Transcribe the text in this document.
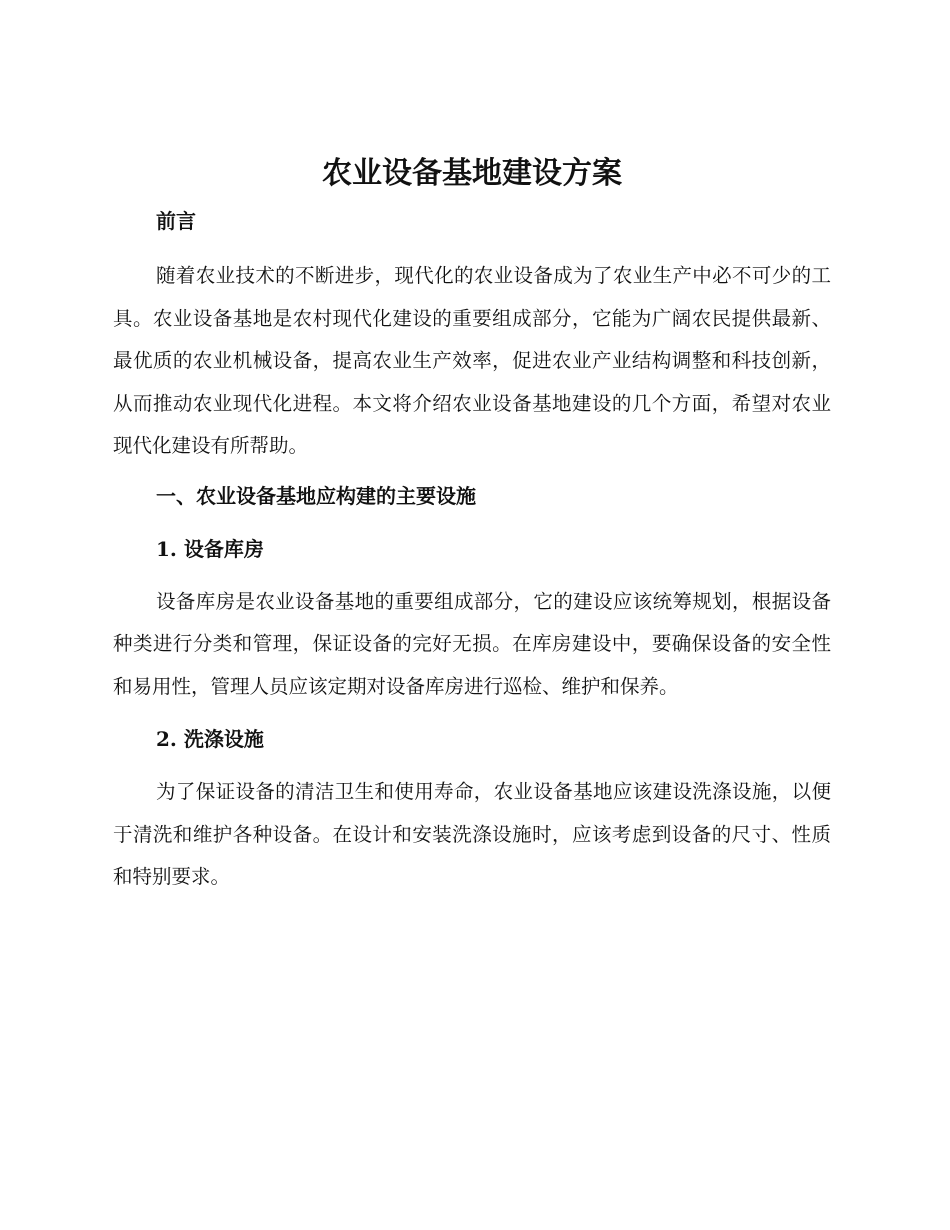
农业设备基地建设方案
前言

随着农业技术的不断进步，现代化的农业设备成为了农业生产中必不可少的工具。农业设备基地是农村现代化建设的重要组成部分，它能为广阔农民提供最新、最优质的农业机械设备，提高农业生产效率，促进农业产业结构调整和科技创新，从而推动农业现代化进程。本文将介绍农业设备基地建设的几个方面，希望对农业现代化建设有所帮助。

一、农业设备基地应构建的主要设施
1. 设备库房

设备库房是农业设备基地的重要组成部分，它的建设应该统筹规划，根据设备种类进行分类和管理，保证设备的完好无损。在库房建设中，要确保设备的安全性和易用性，管理人员应该定期对设备库房进行巡检、维护和保养。

2. 洗涤设施

为了保证设备的清洁卫生和使用寿命，农业设备基地应该建设洗涤设施，以便于清洗和维护各种设备。在设计和安装洗涤设施时，应该考虑到设备的尺寸、性质和特别要求。
